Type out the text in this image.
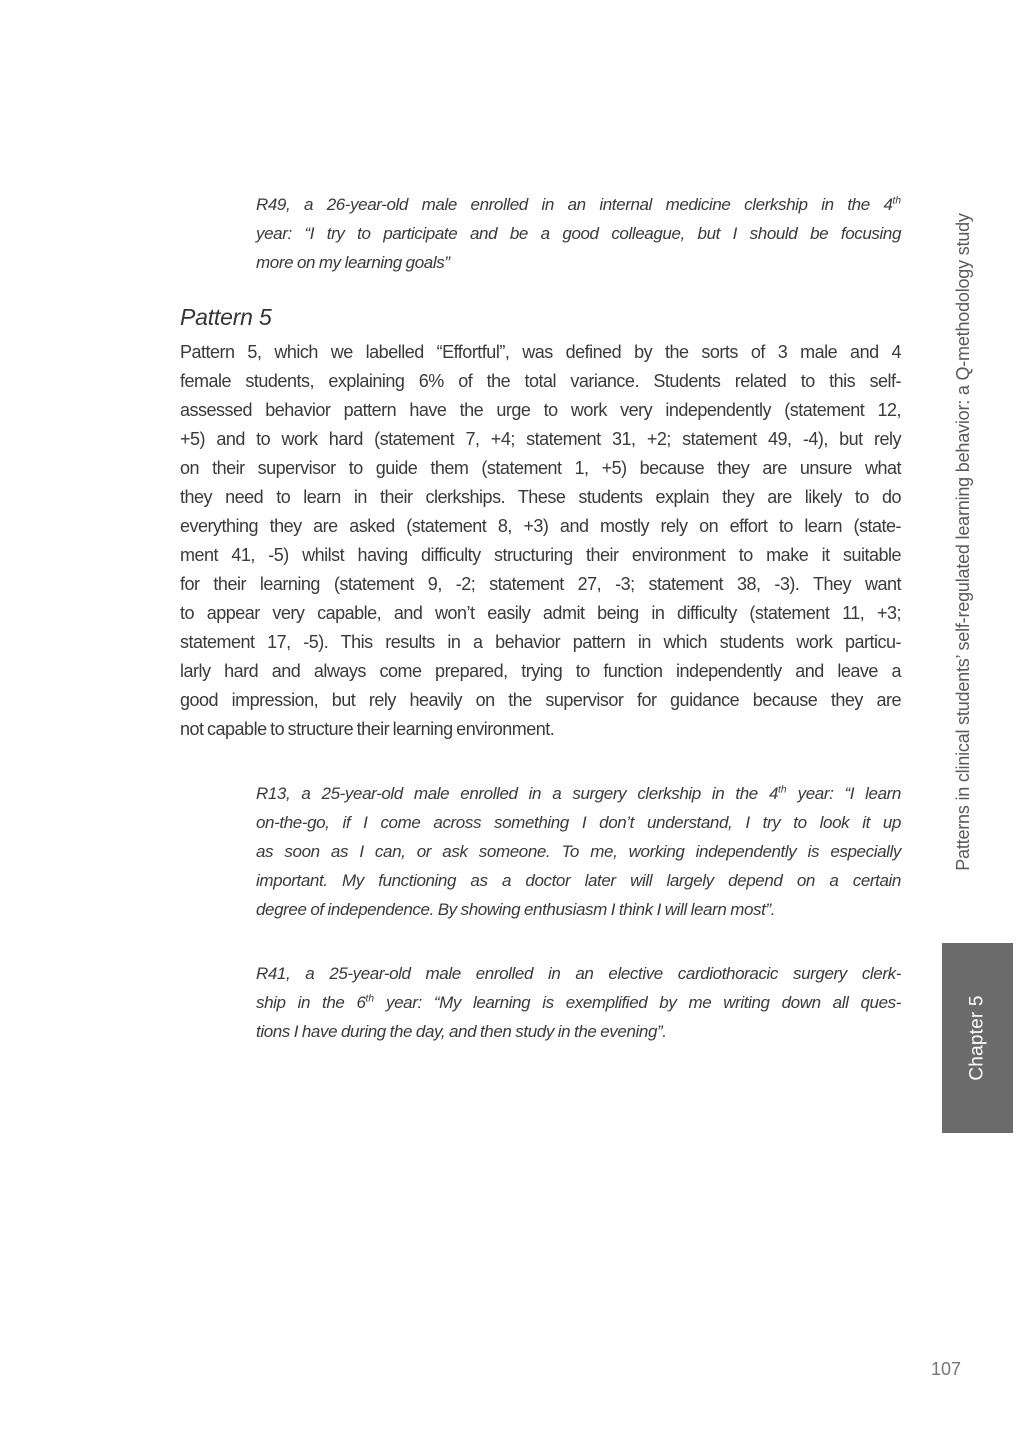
R49, a 26-year-old male enrolled in an internal medicine clerkship in the 4th
year: “I try to participate and be a good colleague, but I should be focusing
more on my learning goals”
Pattern 5
Pattern 5, which we labelled “Effortful”, was defined by the sorts of 3 male and 4
female students, explaining 6% of the total variance. Students related to this self-
assessed behavior pattern have the urge to work very independently (statement 12,
+5) and to work hard (statement 7, +4; statement 31, +2; statement 49, -4), but rely
on their supervisor to guide them (statement 1, +5) because they are unsure what
they need to learn in their clerkships. These students explain they are likely to do
everything they are asked (statement 8, +3) and mostly rely on effort to learn (state-
ment 41, -5) whilst having difficulty structuring their environment to make it suitable
for their learning (statement 9, -2; statement 27, -3; statement 38, -3). They want
to appear very capable, and won’t easily admit being in difficulty (statement 11, +3;
statement 17, -5). This results in a behavior pattern in which students work particu-
larly hard and always come prepared, trying to function independently and leave a
good impression, but rely heavily on the supervisor for guidance because they are
not capable to structure their learning environment.
R13, a 25-year-old male enrolled in a surgery clerkship in the 4th year: “I learn
on-the-go, if I come across something I don’t understand, I try to look it up
as soon as I can, or ask someone. To me, working independently is especially
important. My functioning as a doctor later will largely depend on a certain
degree of independence. By showing enthusiasm I think I will learn most”.
R41, a 25-year-old male enrolled in an elective cardiothoracic surgery clerk-
ship in the 6th year: “My learning is exemplified by me writing down all ques-
tions I have during the day, and then study in the evening”.
Patterns in clinical students’ self-regulated learning behavior: a Q-methodology study
Chapter 5
107
